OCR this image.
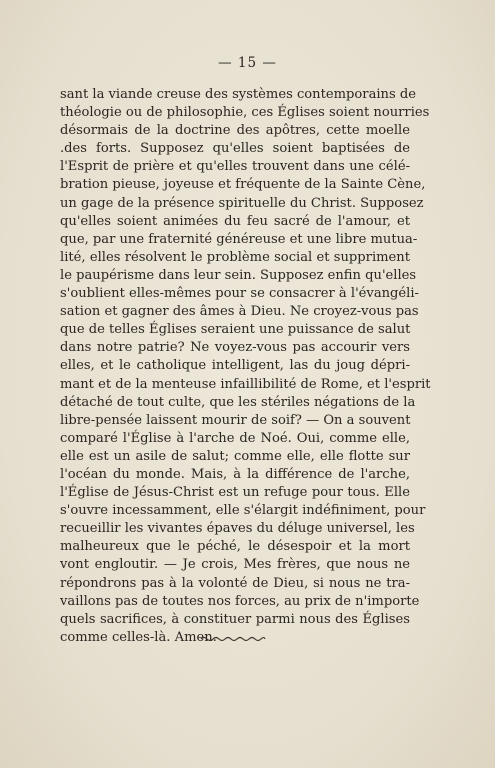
— 15 —
sant la viande creuse des systèmes contemporains de
théologie ou de philosophie, ces Églises soient nourries
désormais de la doctrine des apôtres, cette moelle
.des forts. Supposez qu'elles soient baptisées de
l'Esprit de prière et qu'elles trouvent dans une célé-
bration pieuse, joyeuse et fréquente de la Sainte Cène,
un gage de la présence spirituelle du Christ. Supposez
qu'elles soient animées du feu sacré de l'amour, et
que, par une fraternité généreuse et une libre mutua-
lité, elles résolvent le problème social et suppriment
le paupérisme dans leur sein. Supposez enfin qu'elles
s'oublient elles-mêmes pour se consacrer à l'évangéli-
sation et gagner des âmes à Dieu. Ne croyez-vous pas
que de telles Églises seraient une puissance de salut
dans notre patrie? Ne voyez-vous pas accourir vers
elles, et le catholique intelligent, las du joug dépri-
mant et de la menteuse infaillibilité de Rome, et l'esprit
détaché de tout culte, que les stériles négations de la
libre-pensée laissent mourir de soif? — On a souvent
comparé l'Église à l'arche de Noé. Oui, comme elle,
elle est un asile de salut; comme elle, elle flotte sur
l'océan du monde. Mais, à la différence de l'arche,
l'Église de Jésus-Christ est un refuge pour tous. Elle
s'ouvre incessamment, elle s'élargit indéfiniment, pour
recueillir les vivantes épaves du déluge universel, les
malheureux que le péché, le désespoir et la mort
vont engloutir. — Je crois, Mes frères, que nous ne
répondrons pas à la volonté de Dieu, si nous ne tra-
vaillons pas de toutes nos forces, au prix de n'importe
quels sacrifices, à constituer parmi nous des Églises
comme celles-là. Amen.
